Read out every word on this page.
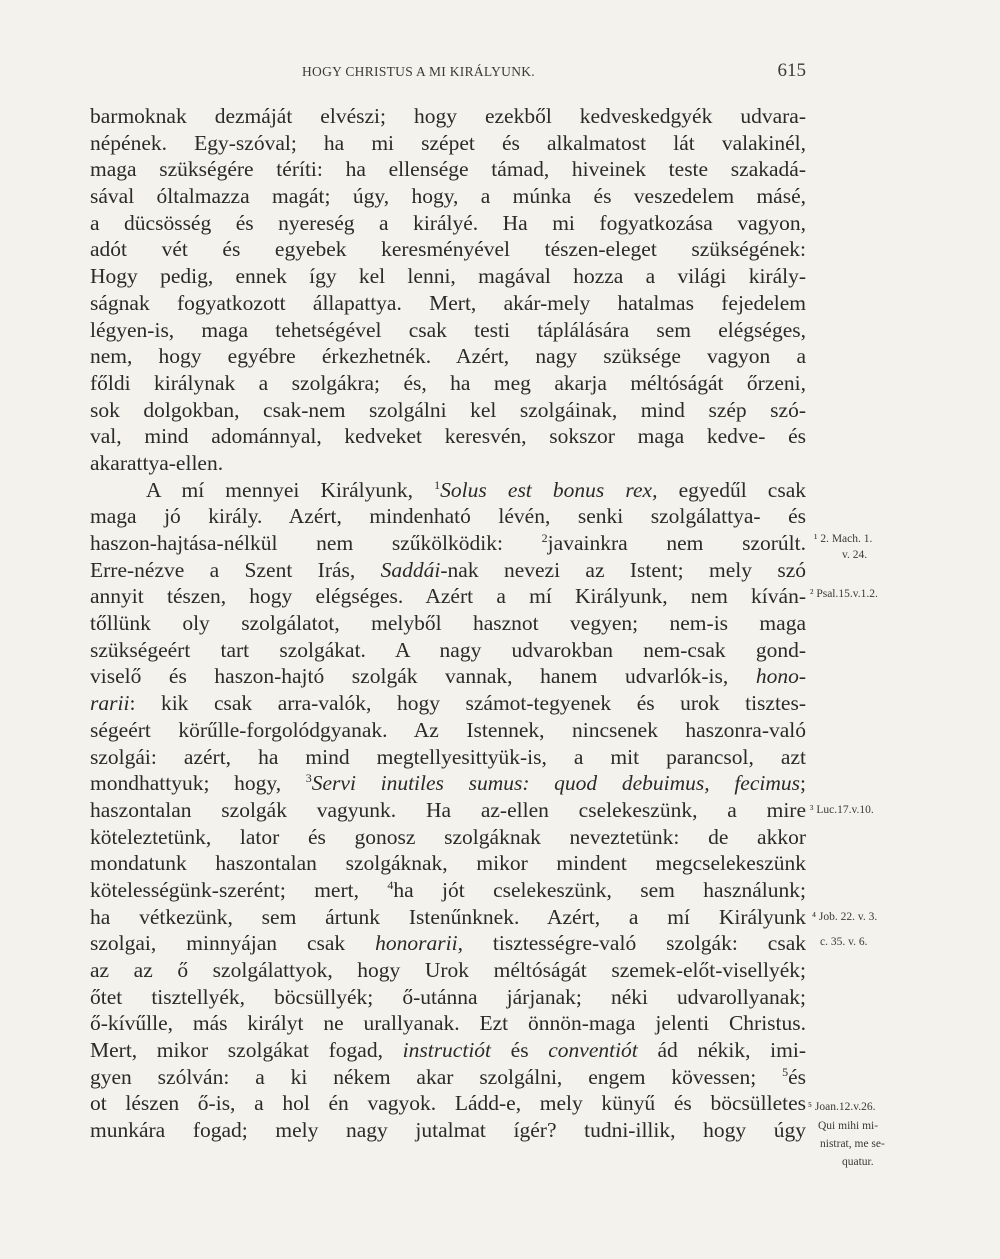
HOGY CHRISTUS A MI KIRÁLYUNK.	615
barmoknak dezmáját elvészi; hogy ezekből kedveskedgyék udvara-
népének. Egy-szóval; ha mi szépet és alkalmatost lát valakinél,
maga szükségére téríti: ha ellensége támad, hiveinek teste szakadá-
sával óltalmazza magát; úgy, hogy, a múnka és veszedelem másé,
a dücsösség és nyereség a királyé. Ha mi fogyatkozása vagyon,
adót vét és egyebek keresményével tészen-eleget szükségének:
Hogy pedig, ennek így kel lenni, magával hozza a világi király-
ságnak fogyatkozott állapattya. Mert, akár-mely hatalmas fejedelem
légyen-is, maga tehetségével csak testi táplálására sem elégséges,
nem, hogy egyébre érkezhetnék. Azért, nagy szüksége vagyon a
főldi királynak a szolgákra; és, ha meg akarja méltóságát őrzeni,
sok dolgokban, csak-nem szolgálni kel szolgáinak, mind szép szó-
val, mind adománnyal, kedveket keresvén, sokszor maga kedve- és
akarattya-ellen.
A mí mennyei Királyunk, $^1$Solus est bonus rex, egyedűl csak
maga jó király. Azért, mindenható lévén, senki szolgálattya- és
haszon-hajtása-nélkül nem szűkölködik: $^2$javainkra nem szorúlt.
Erre-nézve a Szent Irás, Saddái-nak nevezi az Istent; mely szó
annyit tészen, hogy elégséges. Azért a mí Királyunk, nem kíván-
tőllünk oly szolgálatot, melyből hasznot vegyen; nem-is maga
szükségeért tart szolgákat. A nagy udvarokban nem-csak gond-
viselő és haszon-hajtó szolgák vannak, hanem udvarlók-is, hono-
rarii: kik csak arra-valók, hogy számot-tegyenek és urok tisztes-
ségeért körűlle-forgolódgyanak. Az Istennek, nincsenek haszonra-való
szolgái: azért, ha mind megtellyesittyük-is, a mit parancsol, azt
mondhattyuk; hogy, $^3$Servi inutiles sumus: quod debuimus, fecimus;
haszontalan szolgák vagyunk. Ha az-ellen cselekeszünk, a mire
köteleztetünk, lator és gonosz szolgáknak neveztetünk: de akkor
mondatunk haszontalan szolgáknak, mikor mindent megcselekeszünk
kötelességünk-szerént; mert, $^4$ha jót cselekeszünk, sem használunk;
ha vétkezünk, sem ártunk Istenűnknek. Azért, a mí Királyunk
szolgai, minnyájan csak honorarii, tisztességre-való szolgák: csak
az az ő szolgálattyok, hogy Urok méltóságát szemek-előt-visellyék;
őtet tisztellyék, böcsüllyék; ő-utánna járjanak; néki udvarollyanak;
ő-kívűlle, más királyt ne urallyanak. Ezt önnön-maga jelenti Christus.
Mert, mikor szolgákat fogad, instructiót és conventiót ád nékik, imi-
gyen szólván: a ki nékem akar szolgálni, engem kövessen; $^5$és
ot lészen ő-is, a hol én vagyok. Ládd-e, mely künyű és böcsülletes
munkára fogad; mely nagy jutalmat ígér? tudni-illik, hogy úgy
¹ 2. Mach. 1.
v. 24.
² Psal.15.v.1.2.
³ Luc.17.v.10.
⁴ Job. 22. v. 3.
c. 35. v. 6.
⁵ Joan.12.v.26.
Qui mihi mi-
nistrat, me se-
quatur.
